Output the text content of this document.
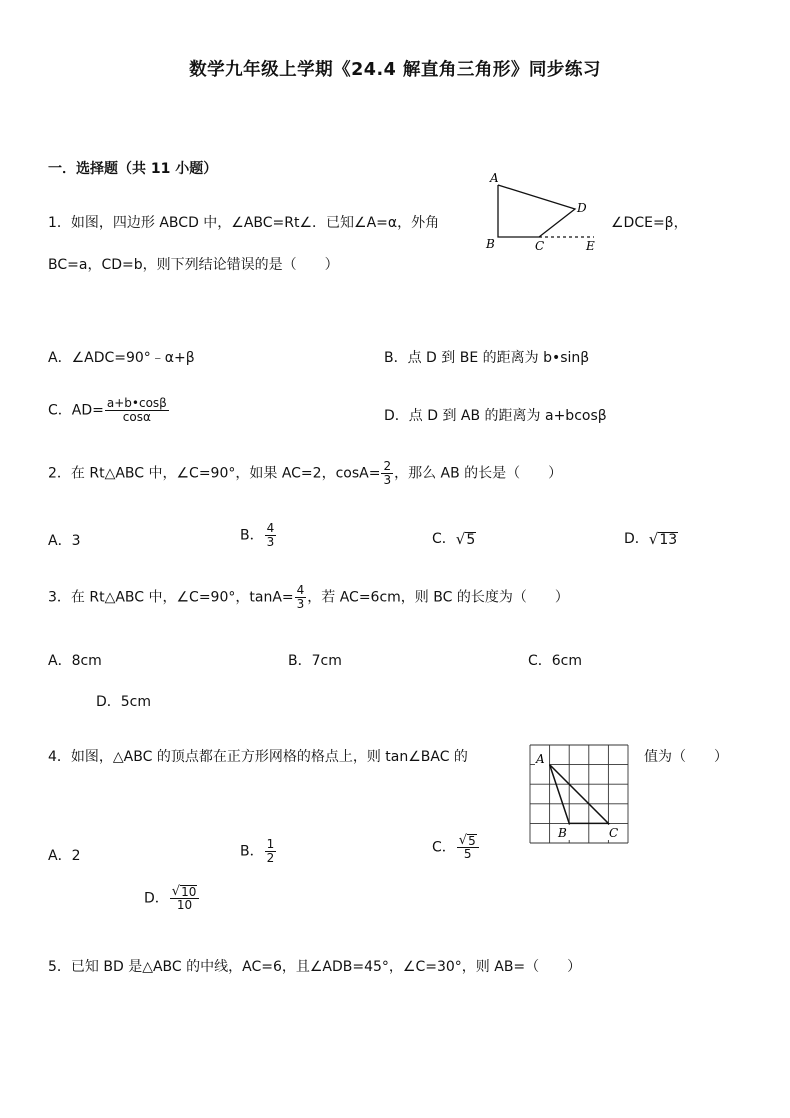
数学九年级上学期《24.4 解直角三角形》同步练习
一．选择题（共 11 小题）
1．如图，四边形 ABCD 中，∠ABC=Rt∠．已知∠A=α，外角
A
D
B	C	E
∠DCE=β，
BC=a，CD=b，则下列结论错误的是（　　）
A．∠ADC=90°﹣α+β	B．点 D 到 BE 的距离为 b•sinβ
C．$AD= \frac{a+b•\cos\beta}{\cos\alpha}$	D．点 D 到 AB 的距离为 a+bcosβ
2．在 Rt△ABC 中，∠C=90°，如果 AC=2，$\cos A= \frac{2}{3}$ ，那么 AB 的长是（　　）
A．3	B． $\frac{4}{3}$	C． √ 5	D． √ 13
3．在 Rt△ABC 中，∠C=90°，$\tan A= \frac{4}{3}$ ，若 AC=6cm，则 BC 的长度为（　　）
A．8cm	B．7cm	C．6cm
D．5cm
4．如图，△ABC 的顶点都在正方形网格的格点上，则 tan∠BAC 的	A
B	C
值为（　　）
A．2	B． $\frac{1}{2}$	C． $\frac{√ 5}{5}$
D． $\frac{√ 10}{10}$
5．已知 BD 是△ABC 的中线，AC=6，且∠ADB=45°，∠C=30°，则 AB=（　　）
